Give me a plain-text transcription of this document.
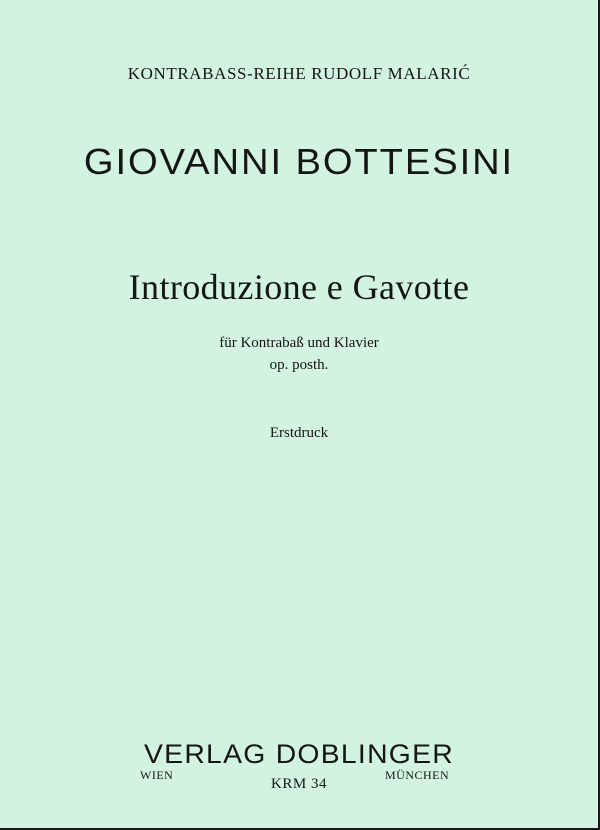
KONTRABASS-REIHE RUDOLF MALARIĆ
GIOVANNI BOTTESINI
Introduzione e Gavotte
für Kontrabaß und Klavier
op. posth.
Erstdruck
VERLAG DOBLINGER
WIEN	MÜNCHEN
KRM 34
